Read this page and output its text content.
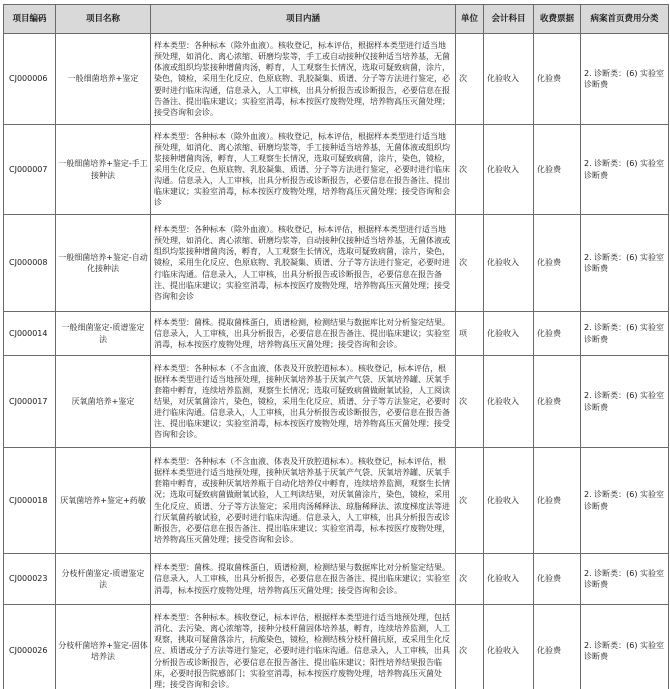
项目编码	项目名称	项目内涵	单位	会计科目	收费票据	病案首页费用分类
CJ000006	一般细菌培养+鉴定	样本类型：各种标本（除外血液）。核收登记，标本评估，根据样本类型进行适当地预处理，如消化、离心浓缩、研磨均浆等，手工或自动接种仪接种适当培养基，无菌体液或组织均浆接种增菌肉汤，孵育，人工观察生长情况，选取可疑致病菌，涂片，染色，镜检，采用生化反应、色原底物、乳胶凝集、质谱、分子等方法进行鉴定，必要时进行临床沟通，信息录入，人工审核，出具分析报告或诊断报告，必要信息在报告备注、提出临床建议；实验室消毒，标本按医疗废物处理，培养物高压灭菌处理；接受咨询和会诊。	次	化验收入	化验费	2. 诊断类：(6) 实验室诊断费
CJ000007	一般细菌培养+鉴定-手工接种法	样本类型：各种标本（除外血液）。核收登记，标本评估，根据样本类型进行适当地预处理，如消化、离心浓缩、研磨均浆等，手工接种适当培养基，无菌体液或组织均浆接种增菌肉汤，孵育，人工观察生长情况，选取可疑致病菌，涂片，染色，镜检，采用生化反应、色原底物、乳胶凝集、质谱、分子等方法进行鉴定，必要时进行临床沟通。信息录入，人工审核，出具分析报告或诊断报告，必要信息在报告备注、提出临床建议；实验室消毒，标本按医疗废物处理，培养物高压灭菌处理；接受咨询和会诊	次	化验收入	化验费	2. 诊断类：(6) 实验室诊断费
CJ000008	一般细菌培养+鉴定-自动化接种法	样本类型：各种标本（除外血液）。核收登记，标本评估，根据样本类型进行适当地预处理，如消化、离心浓缩、研磨均浆等，自动接种仪接种适当培养基，无菌体液或组织均浆接种增菌肉汤，孵育，人工观察生长情况，选取可疑致病菌，涂片，染色，镜检，采用生化反应、色原底物、乳胶凝集、质谱、分子等方法进行鉴定，必要时进行临床沟通。信息录入，人工审核，出具分析报告或诊断报告，必要信息在报告备注、提出临床建议；实验室消毒，标本按医疗废物处理，培养物高压灭菌处理；接受咨询和会诊	次	化验收入	化验费	2. 诊断类：(6) 实验室诊断费
CJ000014	一般细菌鉴定-质谱鉴定法	样本类型：菌株。提取菌株蛋白，质谱检测，检测结果与数据库比对分析鉴定结果。信息录入，人工审核，出具分析报告，必要信息在报告备注、提出临床建议；实验室消毒，标本按医疗废物处理，培养物高压灭菌处理；接受咨询和会诊。	项	化验收入	化验费	2. 诊断类：(6) 实验室诊断费
CJ000017	厌氧菌培养+鉴定	样本类型：各种标本（不含血液、体表及开放腔道标本）。核收登记，标本评估，根据样本类型进行适当地预处理，接种厌氧培养基于厌氧产气袋、厌氧培养罐、厌氧手套箱中孵育，连续培养监测，观察生长情况；选取可疑致病菌做耐氧试验，人工阅读结果，对厌氧菌涂片，染色，镜检，采用生化反应、质谱、分子等方法鉴定，必要时进行临床沟通。信息录入，人工审核，出具分析报告或诊断报告，必要信息在报告备注、提出临床建议；实验室消毒，标本按医疗废物处理，培养物高压灭菌处理；接受咨询和会诊。	次	化验收入	化验费	2. 诊断类：(6) 实验室诊断费
CJ000018	厌氧菌培养+鉴定+药敏	样本类型：各种标本（不含血液、体表及开放腔道标本）。核收登记，标本评估，根据样本类型进行适当地预处理，接种厌氧培养基于厌氧产气袋、厌氧培养罐、厌氧手套箱中孵育，或接种厌氧培养瓶于自动化培养仪中孵育，连续培养监测，观察生长情况；选取可疑致病菌做耐氧试验，人工判读结果，对厌氧菌涂片，染色，镜检，采用生化反应、质谱、分子等方法鉴定；采用肉汤稀释法、琼脂稀释法、浓度梯度法等进行厌氧菌药敏试验，必要时进行临床沟通。信息录入，人工审核，出具分析报告或诊断报告，必要信息在报告备注、提出临床建议；实验室消毒，标本按医疗废物处理，培养物高压灭菌处理；接受咨询和会诊。	次	化验收入	化验费	2. 诊断类：(6) 实验室诊断费
CJ000023	分枝杆菌鉴定-质谱鉴定法	样本类型：菌株。提取菌株蛋白，质谱检测，检测结果与数据库比对分析鉴定结果。信息录入，人工审核，出具分析报告，必要信息在报告备注、提出临床建议；实验室消毒，标本按医疗废物处理，培养物高压灭菌处理；接受咨询和会诊。	次	化验收入	化验费	2. 诊断类：(6) 实验室诊断费
CJ000026	分枝杆菌培养+鉴定-固体培养法	样本类型：各种标本。核收登记，标本评估，根据样本类型进行适当地预处理，包括消化、去污染、离心浓缩等，接种分枝杆菌固体培养基，孵育，连续培养监测，人工观察，挑取可疑菌落涂片，抗酸染色，镜检，检测结核分枝杆菌抗原，或采用生化反应、质谱或分子方法等进行鉴定，必要时进行临床沟通。信息录入，人工审核，出具分析报告或诊断报告，必要信息在报告备注、提出临床建议；阳性培养结果报告临床，必要时报告院感部门；实验室消毒，标本按医疗废物处理，培养物高压灭菌处理；接受咨询和会诊。	次	化验收入	化验费	2. 诊断类：(6) 实验室诊断费
